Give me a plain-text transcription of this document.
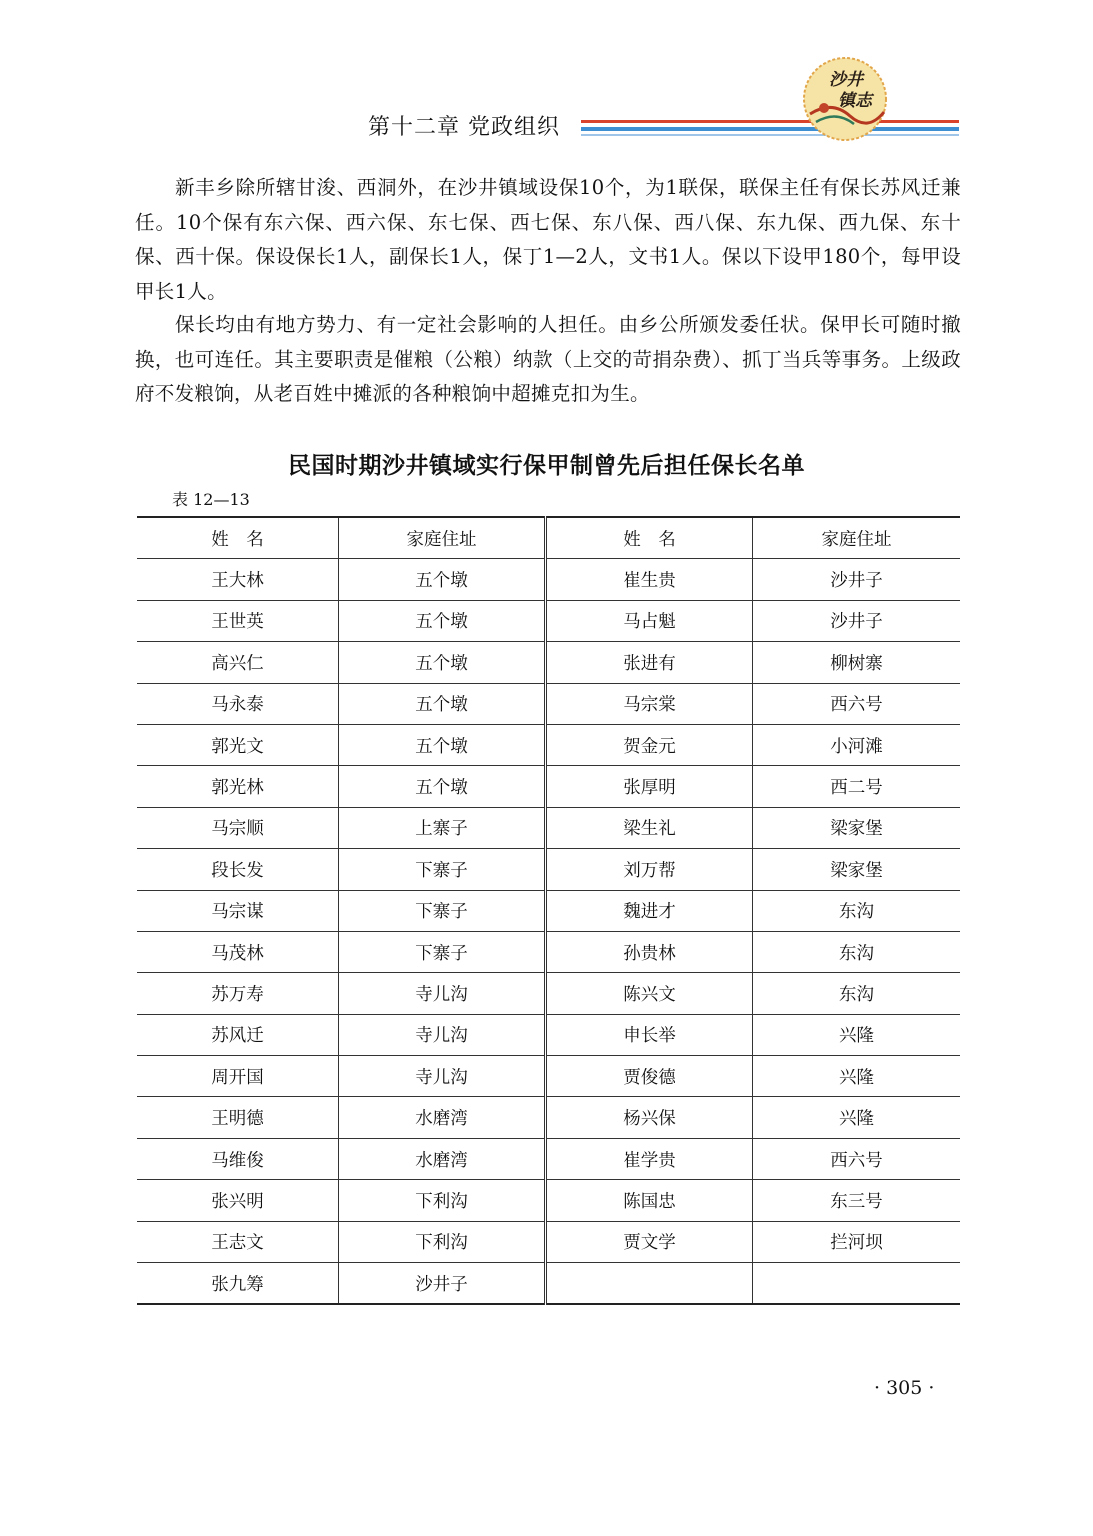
第十二章 党政组织
沙井
镇志
新丰乡除所辖甘浚、西洞外，在沙井镇域设保10个，为1联保，联保主任有保长苏风迁兼任。10个保有东六保、西六保、东七保、西七保、东八保、西八保、东九保、西九保、东十保、西十保。保设保长1人，副保长1人，保丁1—2人，文书1人。保以下设甲180个，每甲设甲长1人。
保长均由有地方势力、有一定社会影响的人担任。由乡公所颁发委任状。保甲长可随时撤换，也可连任。其主要职责是催粮（公粮）纳款（上交的苛捐杂费）、抓丁当兵等事务。上级政府不发粮饷，从老百姓中摊派的各种粮饷中超摊克扣为生。
民国时期沙井镇域实行保甲制曾先后担任保长名单
表 12—13
姓　名	家庭住址	姓　名	家庭住址
王大林	五个墩	崔生贵	沙井子
王世英	五个墩	马占魁	沙井子
高兴仁	五个墩	张进有	柳树寨
马永泰	五个墩	马宗棠	西六号
郭光文	五个墩	贺金元	小河滩
郭光林	五个墩	张厚明	西二号
马宗顺	上寨子	梁生礼	梁家堡
段长发	下寨子	刘万帮	梁家堡
马宗谋	下寨子	魏进才	东沟
马茂林	下寨子	孙贵林	东沟
苏万寿	寺儿沟	陈兴文	东沟
苏风迁	寺儿沟	申长举	兴隆
周开国	寺儿沟	贾俊德	兴隆
王明德	水磨湾	杨兴保	兴隆
马维俊	水磨湾	崔学贵	西六号
张兴明	下利沟	陈国忠	东三号
王志文	下利沟	贾文学	拦河坝
张九筹	沙井子		
· 305 ·
